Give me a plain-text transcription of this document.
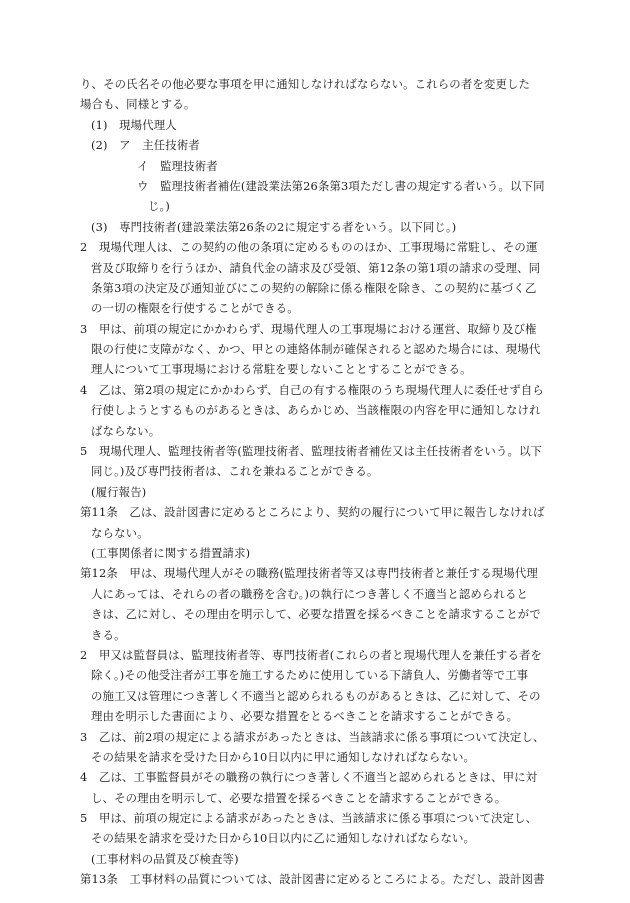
り、その氏名その他必要な事項を甲に通知しなければならない。これらの者を変更した
場合も、同様とする。
(1)　現場代理人
(2)　ア　主任技術者
イ　監理技術者
ウ　監理技術者補佐(建設業法第26条第3項ただし書の規定する者いう。以下同
じ。)
(3)　専門技術者(建設業法第26条の2に規定する者をいう。以下同じ。)
2　現場代理人は、この契約の他の条項に定めるもののほか、工事現場に常駐し、その運
営及び取締りを行うほか、請負代金の請求及び受領、第12条の第1項の請求の受理、同
条第3項の決定及び通知並びにこの契約の解除に係る権限を除き、この契約に基づく乙
の一切の権限を行使することができる。
3　甲は、前項の規定にかかわらず、現場代理人の工事現場における運営、取締り及び権
限の行使に支障がなく、かつ、甲との連絡体制が確保されると認めた場合には、現場代
理人について工事現場における常駐を要しないこととすることができる。
4　乙は、第2項の規定にかかわらず、自己の有する権限のうち現場代理人に委任せず自ら
行使しようとするものがあるときは、あらかじめ、当該権限の内容を甲に通知しなけれ
ばならない。
5　現場代理人、監理技術者等(監理技術者、監理技術者補佐又は主任技術者をいう。以下
同じ。)及び専門技術者は、これを兼ねることができる。
(履行報告)
第11条　乙は、設計図書に定めるところにより、契約の履行について甲に報告しなければ
ならない。
(工事関係者に関する措置請求)
第12条　甲は、現場代理人がその職務(監理技術者等又は専門技術者と兼任する現場代理
人にあっては、それらの者の職務を含む。)の執行につき著しく不適当と認められると
きは、乙に対し、その理由を明示して、必要な措置を採るべきことを請求することがで
きる。
2　甲又は監督員は、監理技術者等、専門技術者(これらの者と現場代理人を兼任する者を
除く。)その他受注者が工事を施工するために使用している下請負人、労働者等で工事
の施工又は管理につき著しく不適当と認められるものがあるときは、乙に対して、その
理由を明示した書面により、必要な措置をとるべきことを請求することができる。
3　乙は、前2項の規定による請求があったときは、当該請求に係る事項について決定し、
その結果を請求を受けた日から10日以内に甲に通知しなければならない。
4　乙は、工事監督員がその職務の執行につき著しく不適当と認められるときは、甲に対
し、その理由を明示して、必要な措置を採るべきことを請求することができる。
5　甲は、前項の規定による請求があったときは、当該請求に係る事項について決定し、
その結果を請求を受けた日から10日以内に乙に通知しなければならない。
(工事材料の品質及び検査等)
第13条　工事材料の品質については、設計図書に定めるところによる。ただし、設計図書
